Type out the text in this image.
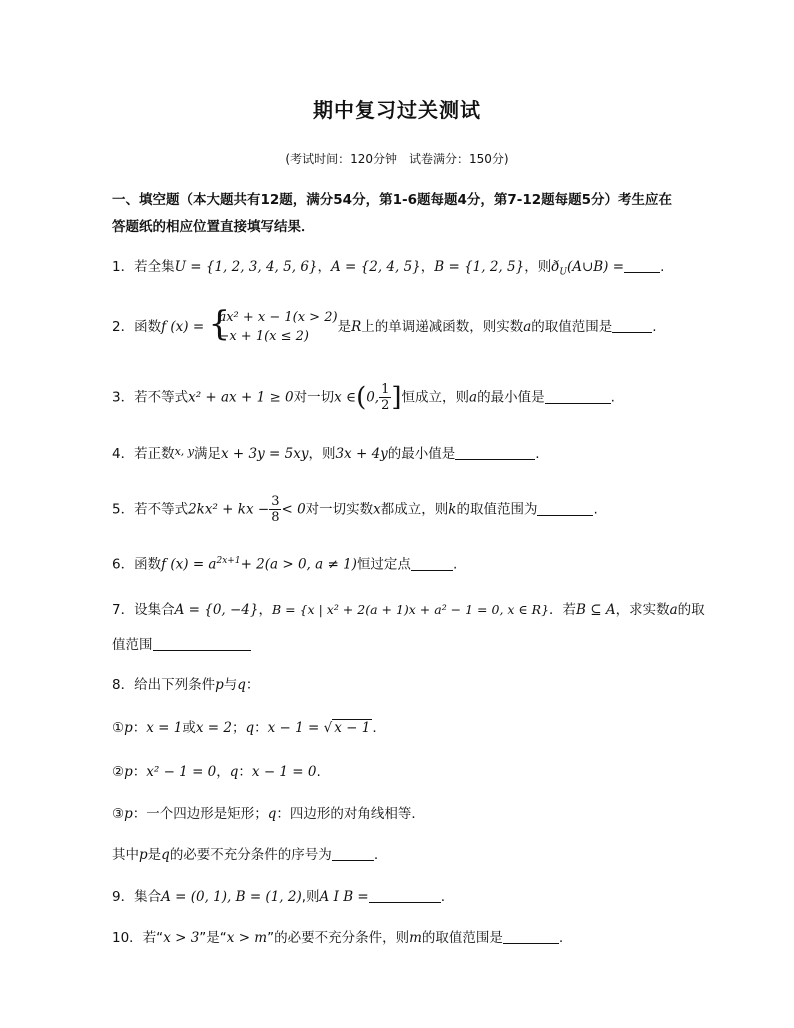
期中复习过关测试
(考试时间：120分钟　试卷满分：150分)
一、填空题（本大题共有12题，满分54分，第1-6题每题4分，第7-12题每题5分）考生应在答题纸的相应位置直接填写结果．
1．若全集U = {1, 2, 3, 4, 5, 6}，A = {2, 4, 5}，B = {1, 2, 5}，则$ð_U(A\cup B)$ =	.
2．函数f (x) = {
ax² + x − 1(x > 2)
−x + 1(x ≤ 2)
是R上的单调递减函数，则实数a的取值范围是	.
3．若不等式x² + ax + 1 ≥ 0对一切x ∈(0, $\frac{1}{2}$ ]恒成立，则a的最小值是	.
4．若正数$^{x, y}$满足x + 3y = 5xy，则3x + 4y的最小值是	.
5．若不等式2kx² + kx − $\frac{3}{8} < 0$对一切实数x都成立，则k的取值范围为	.
6．函数f $(x) = a^{2x+1}+ 2(a > 0$, a ≠ 1)恒过定点	.
7．设集合A = {0, −4}，B = {x | x² + 2(a + 1)x + a² − 1 = 0, x ∈ R}．若B ⊆ A，求实数a的取
值范围
8．给出下列条件p与q：
①p：x = 1或x = 2；q：x − 1 = √ x − 1 .
②p：x² − 1 = 0，q：x − 1 = 0.
③p：一个四边形是矩形；q：四边形的对角线相等．
其中p是q的必要不充分条件的序号为	.
9．集合A = (0, 1), B = (1, 2),则A I B =	.
10．若“x > 3”是“x > m”的必要不充分条件，则m的取值范围是	.
